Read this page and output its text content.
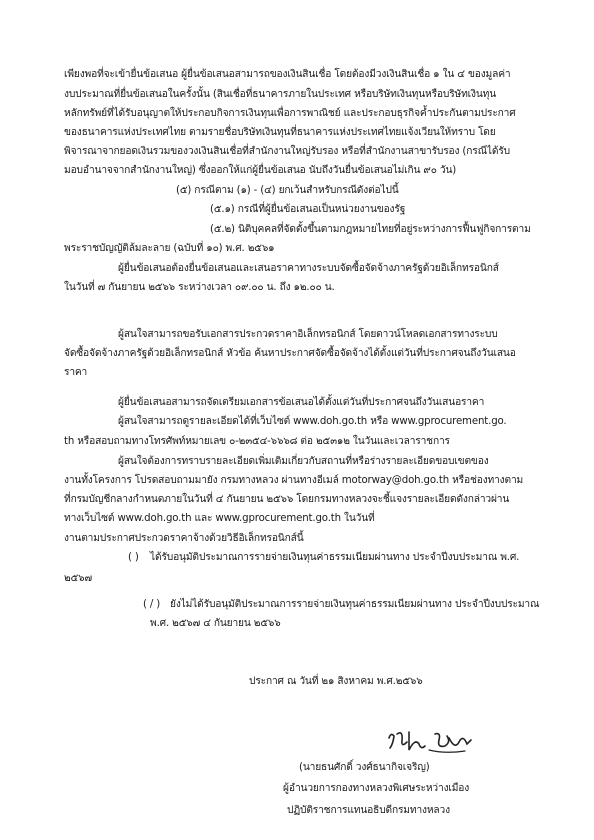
เพียงพอที่จะเข้ายื่นข้อเสนอ ผู้ยื่นข้อเสนอสามารถของเงินสินเชื่อ โดยต้องมีวงเงินสินเชื่อ ๑ ใน ๔ ของมูลค่า
งบประมาณที่ยื่นข้อเสนอในครั้งนั้น (สินเชื่อที่ธนาคารภายในประเทศ หรือบริษัทเงินทุนหรือบริษัทเงินทุน
หลักทรัพย์ที่ได้รับอนุญาตให้ประกอบกิจการเงินทุนเพื่อการพาณิชย์ และประกอบธุรกิจค้ำประกันตามประกาศ
ของธนาคารแห่งประเทศไทย ตามรายชื่อบริษัทเงินทุนที่ธนาคารแห่งประเทศไทยแจ้งเวียนให้ทราบ โดย
พิจารณาจากยอดเงินรวมของวงเงินสินเชื่อที่สำนักงานใหญ่รับรอง หรือที่สำนักงานสาขารับรอง (กรณีได้รับ
มอบอำนาจจากสำนักงานใหญ่) ซึ่งออกให้แก่ผู้ยื่นข้อเสนอ นับถึงวันยื่นข้อเสนอไม่เกิน ๙๐ วัน)
(๕) กรณีตาม (๑) - (๔) ยกเว้นสำหรับกรณีดังต่อไปนี้
(๕.๑) กรณีที่ผู้ยื่นข้อเสนอเป็นหน่วยงานของรัฐ
(๕.๒) นิติบุคคลที่จัดตั้งขึ้นตามกฎหมายไทยที่อยู่ระหว่างการฟื้นฟูกิจการตาม
พระราชบัญญัติล้มละลาย (ฉบับที่ ๑๐) พ.ศ. ๒๕๖๑
ผู้ยื่นข้อเสนอต้องยื่นข้อเสนอและเสนอราคาทางระบบจัดซื้อจัดจ้างภาครัฐด้วยอิเล็กทรอนิกส์
ในวันที่ ๗ กันยายน ๒๕๖๖ ระหว่างเวลา ๐๙.๐๐ น. ถึง ๑๒.๐๐ น.
ผู้สนใจสามารถขอรับเอกสารประกวดราคาอิเล็กทรอนิกส์ โดยดาวน์โหลดเอกสารทางระบบ
จัดซื้อจัดจ้างภาครัฐด้วยอิเล็กทรอนิกส์ หัวข้อ ค้นหาประกาศจัดซื้อจัดจ้างได้ตั้งแต่วันที่ประกาศจนถึงวันเสนอ
ราคา
ผู้ยื่นข้อเสนอสามารถจัดเตรียมเอกสารข้อเสนอได้ตั้งแต่วันที่ประกาศจนถึงวันเสนอราคา
ผู้สนใจสามารถดูรายละเอียดได้ที่เว็บไซต์ www.doh.go.th หรือ www.gprocurement.go.
th หรือสอบถามทางโทรศัพท์หมายเลข ๐-๒๓๕๔-๖๖๖๘ ต่อ ๒๕๓๑๒ ในวันและเวลาราชการ
ผู้สนใจต้องการทราบรายละเอียดเพิ่มเติมเกี่ยวกับสถานที่หรือร่างรายละเอียดขอบเขตของ
งานทั้งโครงการ โปรดสอบถามมายัง กรมทางหลวง ผ่านทางอีเมล์ motorway@doh.go.th หรือช่องทางตาม
ที่กรมบัญชีกลางกำหนดภายในวันที่ ๔ กันยายน ๒๕๖๖ โดยกรมทางหลวงจะชี้แจงรายละเอียดดังกล่าวผ่าน
ทางเว็บไซต์ www.doh.go.th และ www.gprocurement.go.th ในวันที่
งานตามประกาศประกวดราคาจ้างด้วยวิธีอิเล็กทรอนิกส์นี้
( ) ได้รับอนุมัติประมาณการรายจ่ายเงินทุนค่าธรรมเนียมผ่านทาง ประจำปีงบประมาณ พ.ศ.
๒๕๖๗
( / ) ยังไม่ได้รับอนุมัติประมาณการรายจ่ายเงินทุนค่าธรรมเนียมผ่านทาง ประจำปีงบประมาณ
พ.ศ. ๒๕๖๗ ๔ กันยายน ๒๕๖๖
ประกาศ ณ วันที่ ๒๑ สิงหาคม พ.ศ.๒๕๖๖
(นายธนศักดิ์ วงศ์ธนากิจเจริญ)
ผู้อำนวยการกองทางหลวงพิเศษระหว่างเมือง
ปฏิบัติราชการแทนอธิบดีกรมทางหลวง
